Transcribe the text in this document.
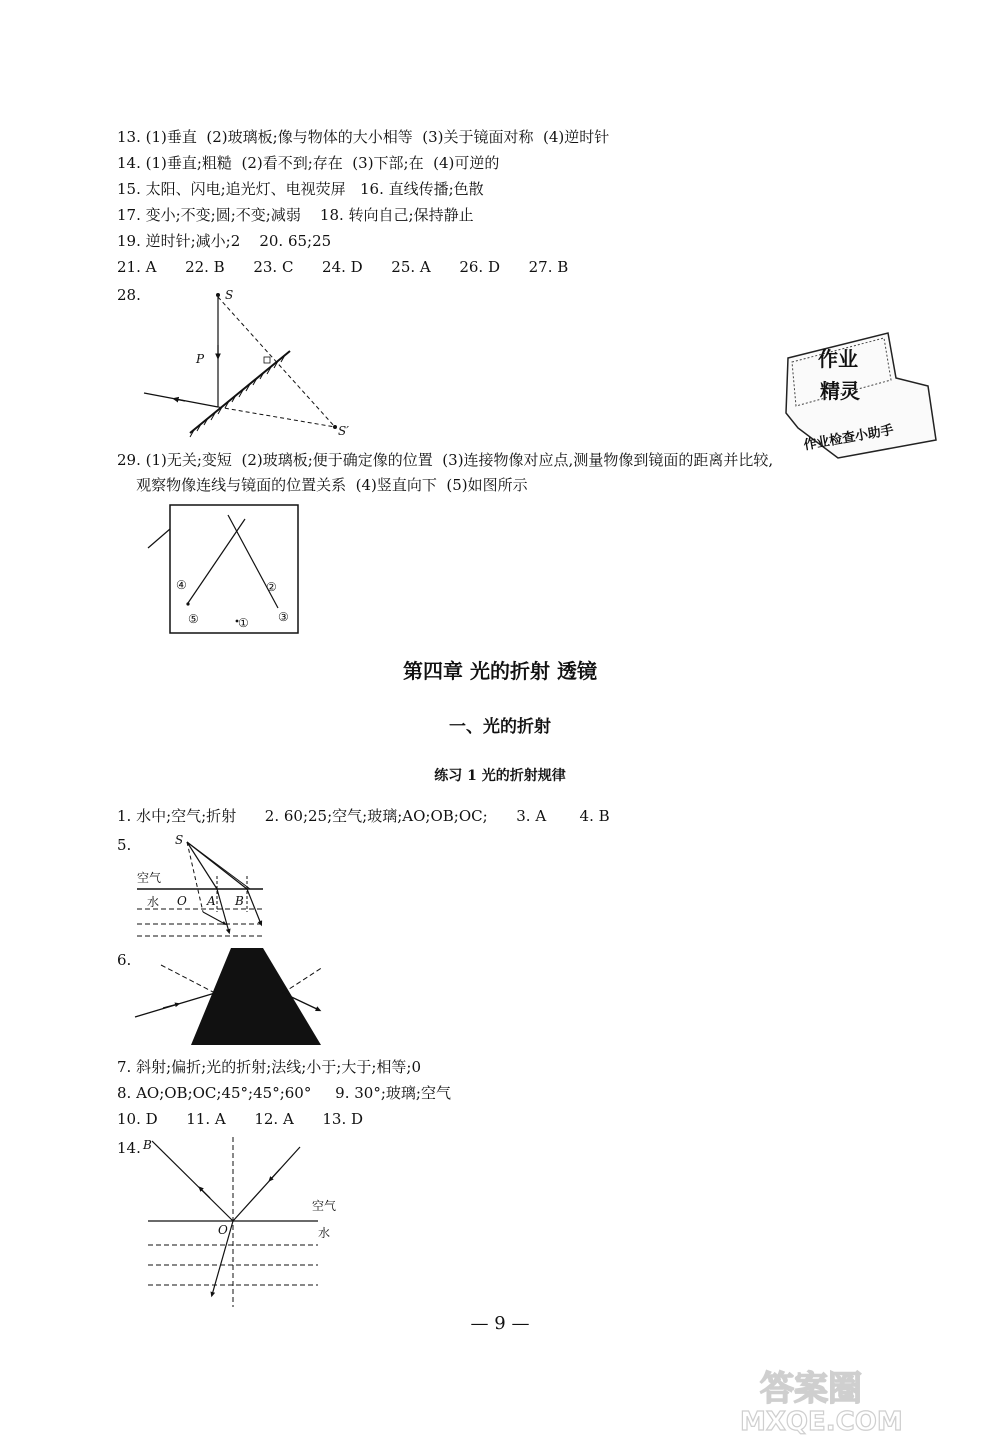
13. (1)垂直  (2)玻璃板;像与物体的大小相等  (3)关于镜面对称  (4)逆时针
14. (1)垂直;粗糙  (2)看不到;存在  (3)下部;在  (4)可逆的
15. 太阳、闪电;追光灯、电视荧屏   16. 直线传播;色散
17. 变小;不变;圆;不变;减弱    18. 转向自己;保持静止
19. 逆时针;减小;2    20. 65;25
21. A      22. B      23. C      24. D      25. A      26. D      27. B
28.	S
P
S′
作业
精灵
作业检查小助手
29. (1)无关;变短  (2)玻璃板;便于确定像的位置  (3)连接物像对应点,测量物像到镜面的距离并比较,
观察物像连线与镜面的位置关系  (4)竖直向下  (5)如图所示
④	②
⑤	① ③
第四章 光的折射 透镜
一、光的折射
练习 1 光的折射规律
1. 水中;空气;折射      2. 60;25;空气;玻璃;AO;OB;OC;      3. A       4. B
5.	S
空气
水 O A B
6.
7. 斜射;偏折;光的折射;法线;小于;大于;相等;0
8. AO;OB;OC;45°;45°;60°     9. 30°;玻璃;空气
10. D      11. A      12. A      13. D
14. B
O
空气
水
— 9 —
答案圈
MXQE.COM
